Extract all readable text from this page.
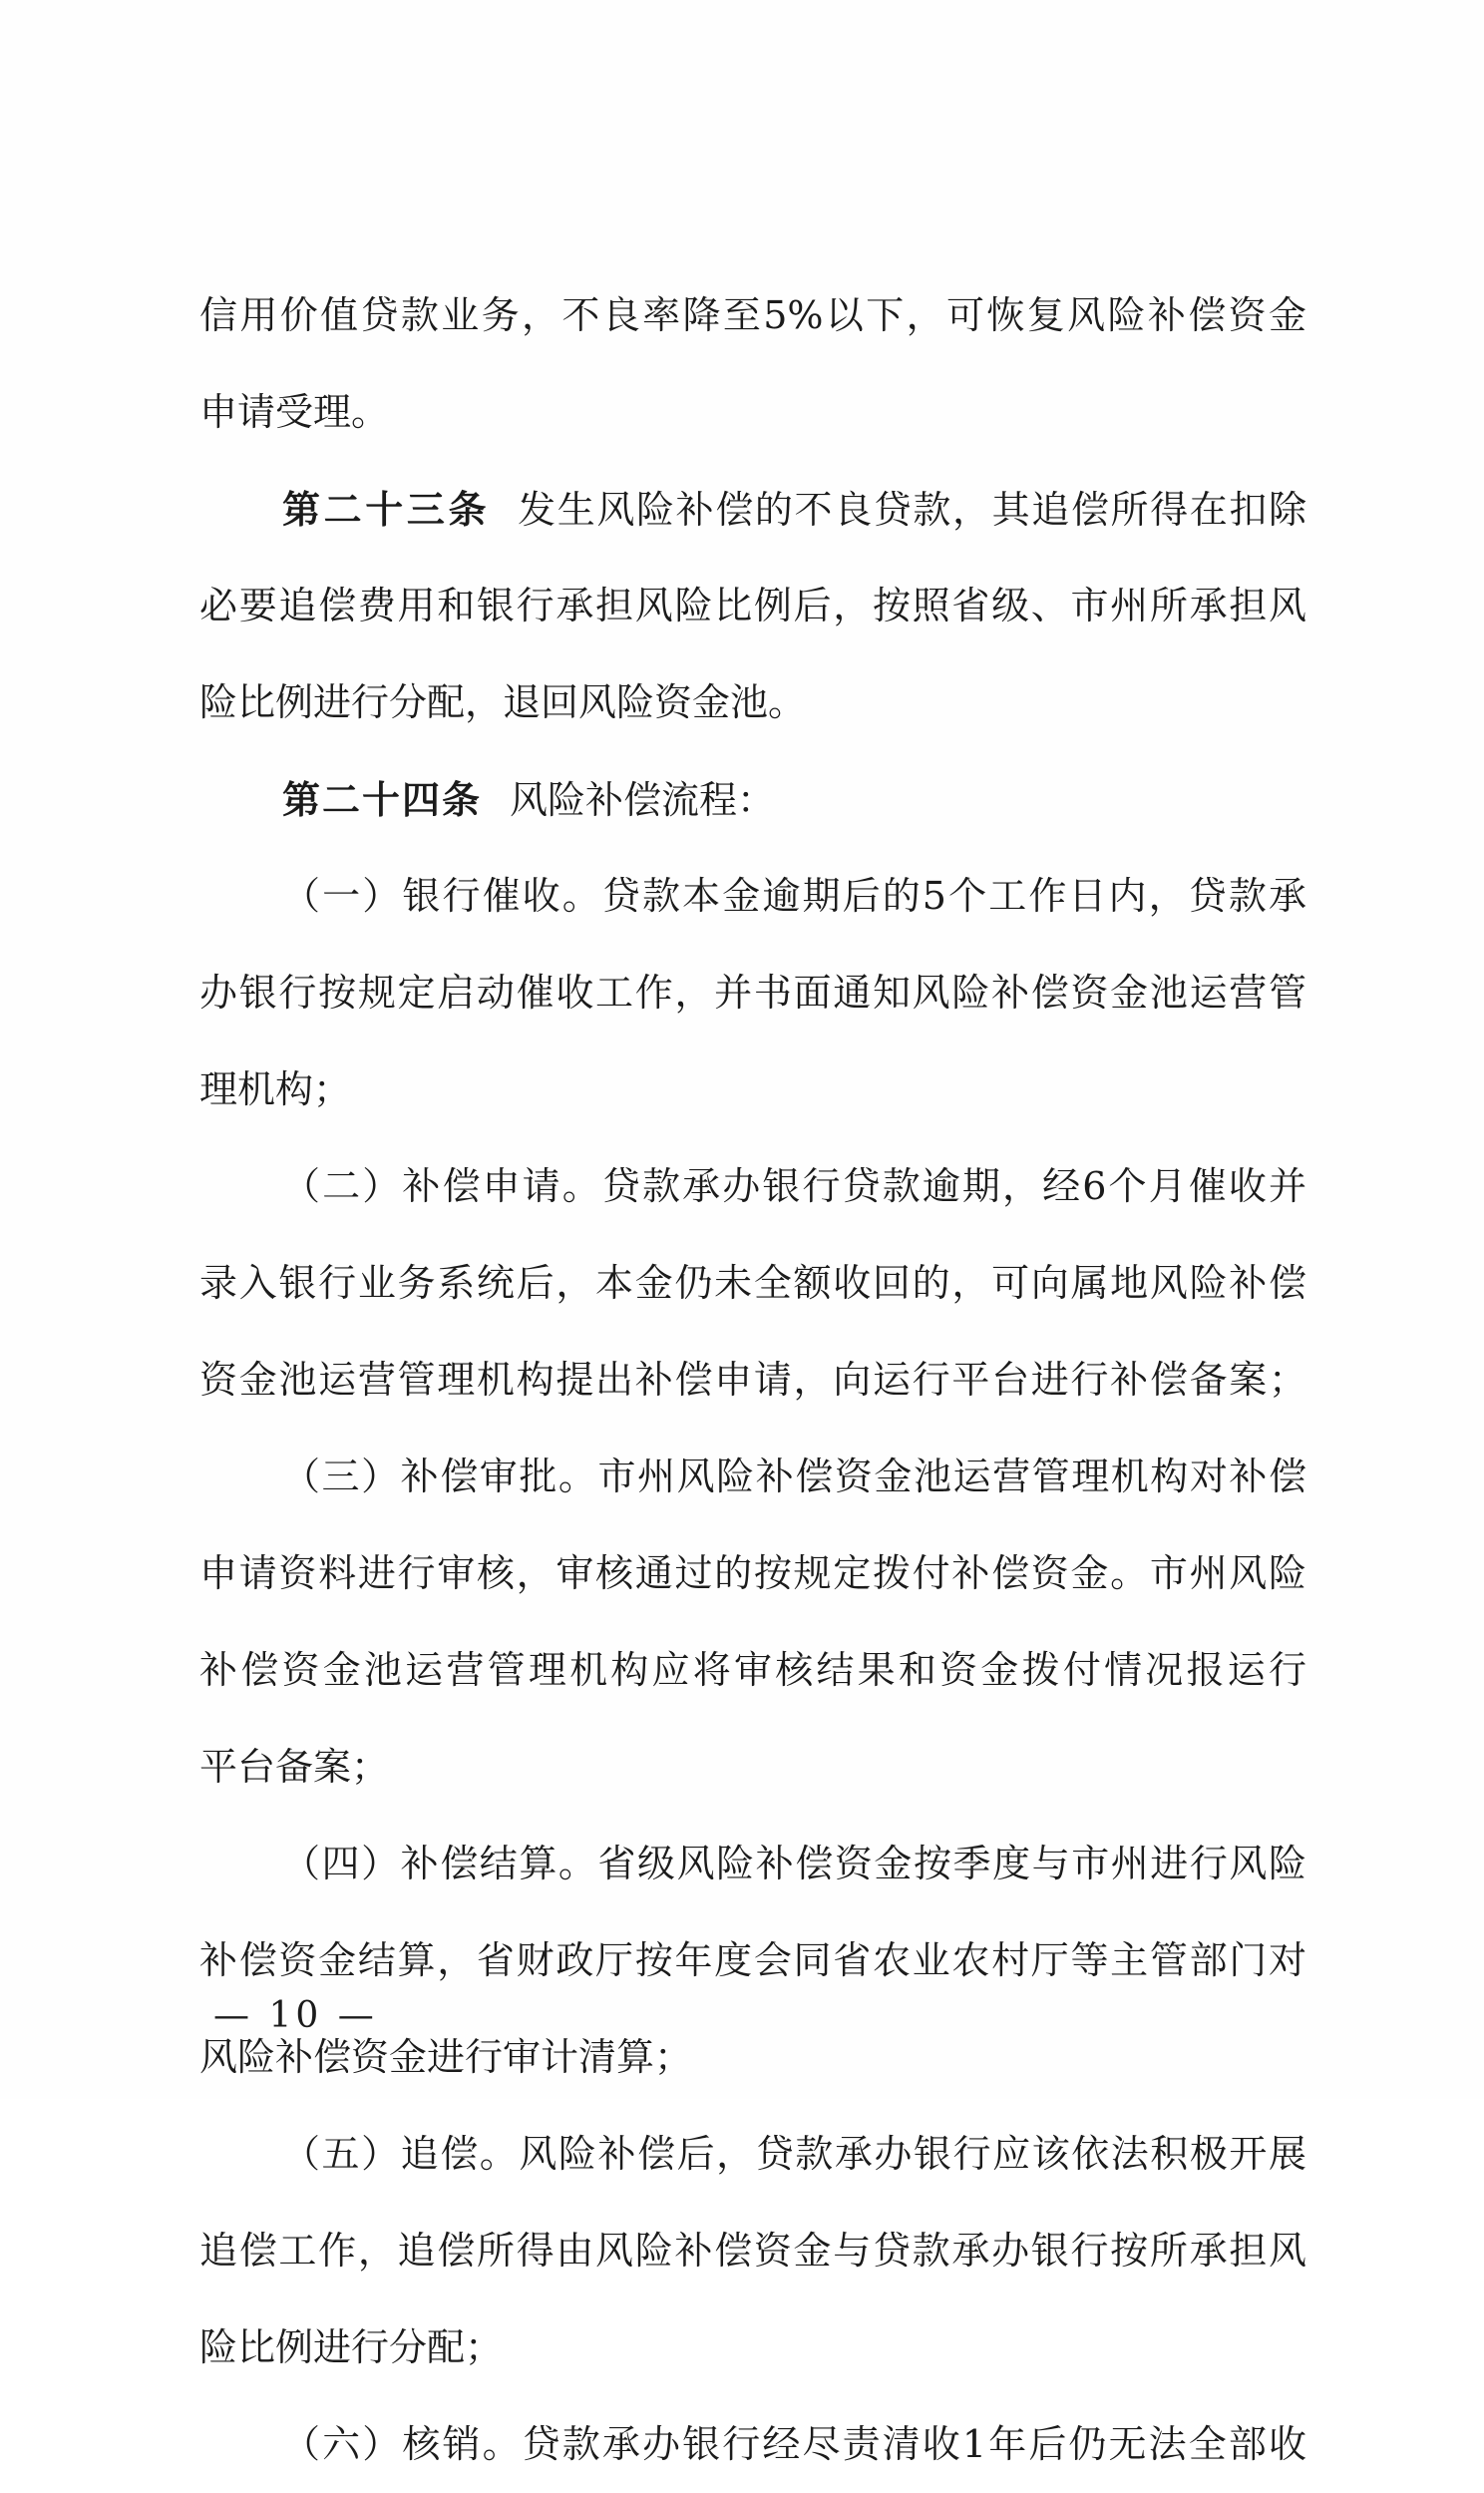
信用价值贷款业务，不良率降至5%以下，可恢复风险补偿资金
申请受理。
第二十三条 发生风险补偿的不良贷款，其追偿所得在扣除
必要追偿费用和银行承担风险比例后，按照省级、市州所承担风
险比例进行分配，退回风险资金池。
第二十四条 风险补偿流程：
（一）银行催收。贷款本金逾期后的5个工作日内，贷款承
办银行按规定启动催收工作，并书面通知风险补偿资金池运营管
理机构；
（二）补偿申请。贷款承办银行贷款逾期，经6个月催收并
录入银行业务系统后，本金仍未全额收回的，可向属地风险补偿
资金池运营管理机构提出补偿申请，向运行平台进行补偿备案；
（三）补偿审批。市州风险补偿资金池运营管理机构对补偿
申请资料进行审核，审核通过的按规定拨付补偿资金。市州风险
补偿资金池运营管理机构应将审核结果和资金拨付情况报运行
平台备案；
（四）补偿结算。省级风险补偿资金按季度与市州进行风险
补偿资金结算，省财政厅按年度会同省农业农村厅等主管部门对
风险补偿资金进行审计清算；
（五）追偿。风险补偿后，贷款承办银行应该依法积极开展
追偿工作，追偿所得由风险补偿资金与贷款承办银行按所承担风
险比例进行分配；
（六）核销。贷款承办银行经尽责清收1年后仍无法全部收
— 10 —
